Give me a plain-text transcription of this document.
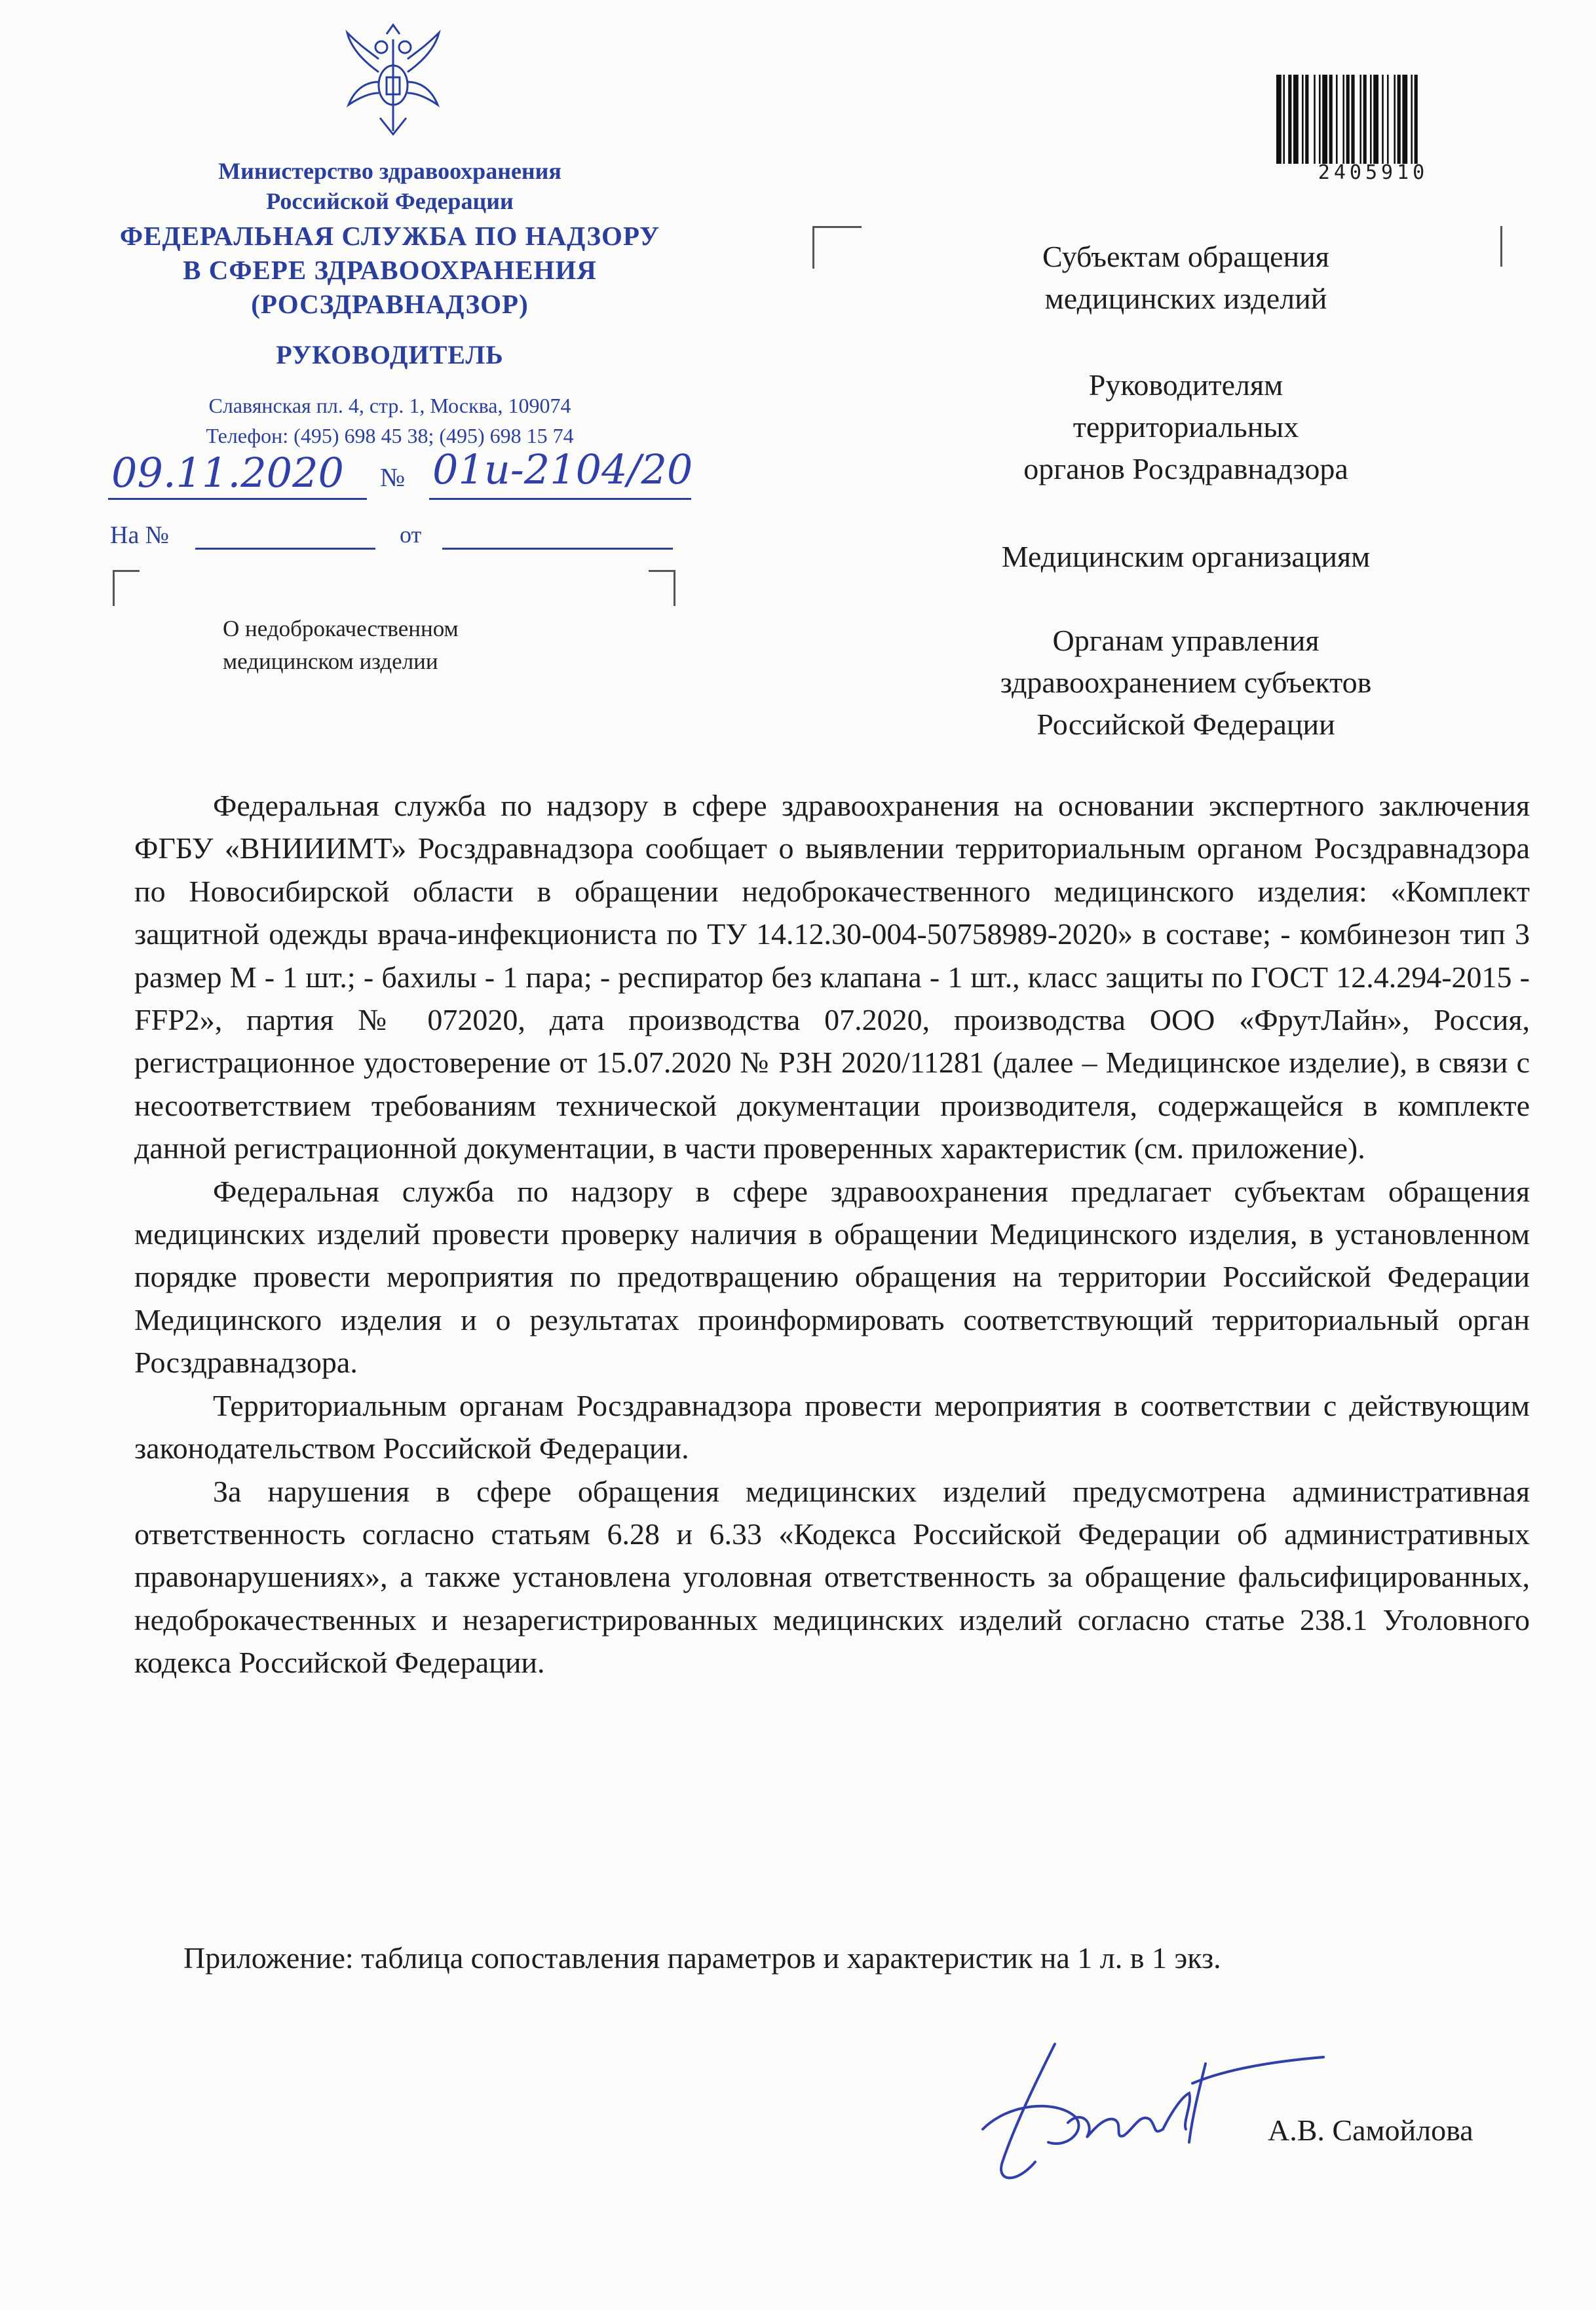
Министерство здравоохранения
Российской Федерации
ФЕДЕРАЛЬНАЯ СЛУЖБА ПО НАДЗОРУ
В СФЕРЕ ЗДРАВООХРАНЕНИЯ
(РОСЗДРАВНАДЗОР)
РУКОВОДИТЕЛЬ
Славянская пл. 4, стр. 1, Москва, 109074
Телефон: (495) 698 45 38; (495) 698 15 74
09.11.2020 № 01и-2104/20
На №	от
О недоброкачественном
медицинском изделии
2405910
Субъектам обращения
медицинских изделий
Руководителям
территориальных
органов Росздравнадзора
Медицинским организациям
Органам управления
здравоохранением субъектов
Российской Федерации

Федеральная служба по надзору в сфере здравоохранения на основании экспертного заключения ФГБУ «ВНИИИМТ» Росздравнадзора сообщает о выявлении территориальным органом Росздравнадзора по Новосибирской области в обращении недоброкачественного медицинского изделия: «Комплект защитной одежды врача-инфекциониста по ТУ 14.12.30-004-50758989-2020» в составе; - комбинезон тип 3 размер М - 1 шт.; - бахилы - 1 пара; - респиратор без клапана - 1 шт., класс защиты по ГОСТ 12.4.294-2015 - FFP2», партия № 072020, дата производства 07.2020, производства ООО «ФрутЛайн», Россия, регистрационное удостоверение от 15.07.2020 № РЗН 2020/11281 (далее – Медицинское изделие), в связи с несоответствием требованиям технической документации производителя, содержащейся в комплекте данной регистрационной документации, в части проверенных характеристик (см. приложение).

Федеральная служба по надзору в сфере здравоохранения предлагает субъектам обращения медицинских изделий провести проверку наличия в обращении Медицинского изделия, в установленном порядке провести мероприятия по предотвращению обращения на территории Российской Федерации Медицинского изделия и о результатах проинформировать соответствующий территориальный орган Росздравнадзора.

Территориальным органам Росздравнадзора провести мероприятия в соответствии с действующим законодательством Российской Федерации.

За нарушения в сфере обращения медицинских изделий предусмотрена административная ответственность согласно статьям 6.28 и 6.33 «Кодекса Российской Федерации об административных правонарушениях», а также установлена уголовная ответственность за обращение фальсифицированных, недоброкачественных и незарегистрированных медицинских изделий согласно статье 238.1 Уголовного кодекса Российской Федерации.

Приложение: таблица сопоставления параметров и характеристик на 1 л. в 1 экз.
А.В. Самойлова
